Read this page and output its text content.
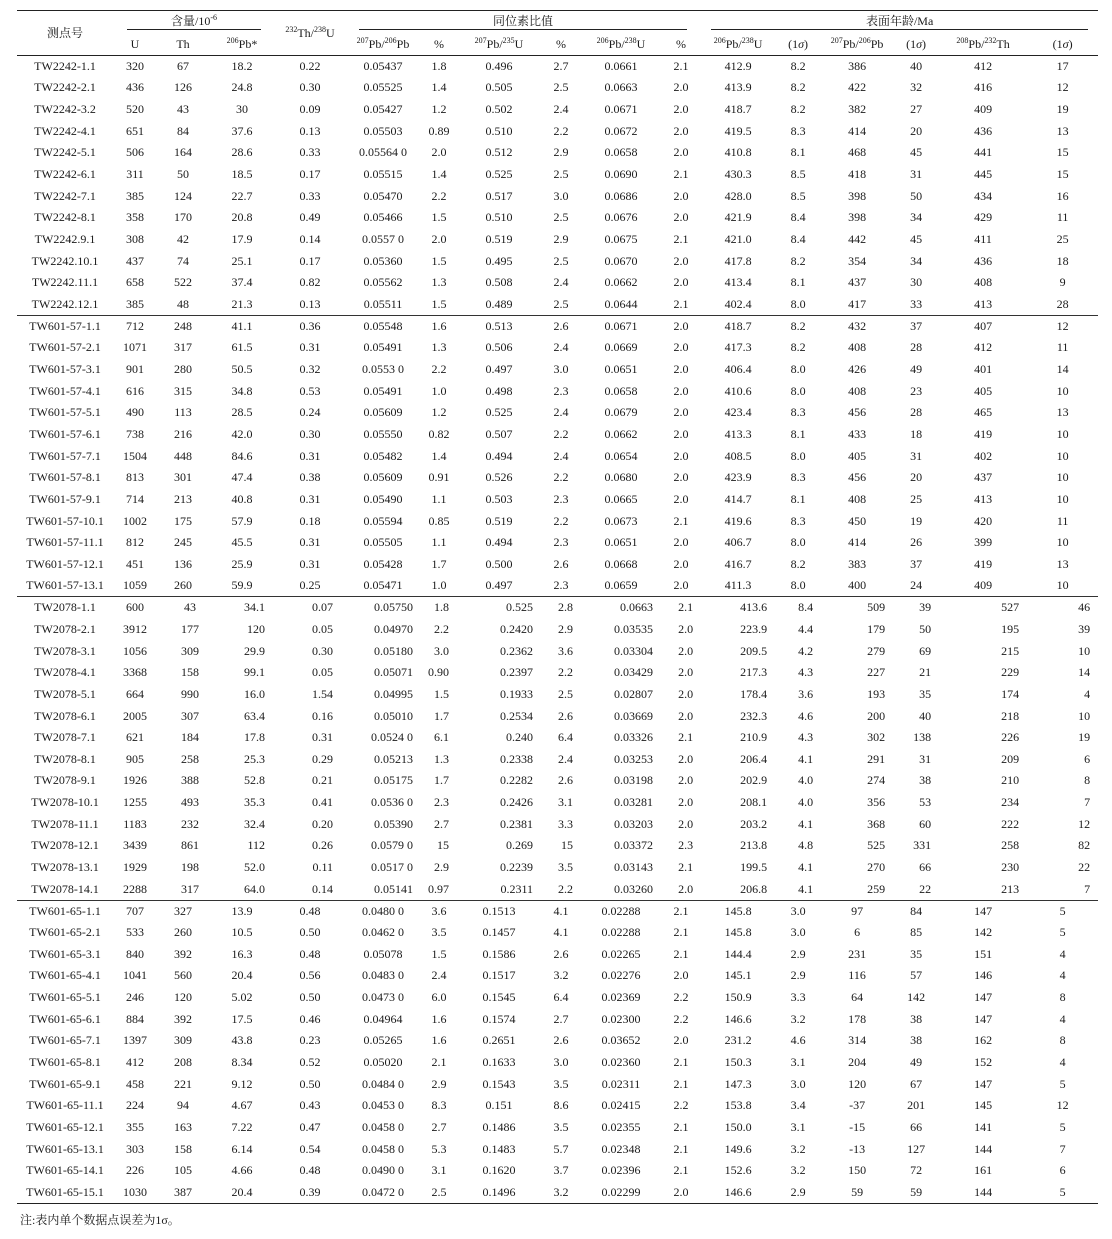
测点号	含量$/10^{-6}$			$^{232}$Th/$^{238}$U	同位素比值						表面年龄/Ma					

	U	Th	$^{206}$Pb*		$^{207}$Pb/$^{206}$Pb	%	$^{207}$Pb/$^{235}$U	%	$^{206}$Pb/$^{238}$U	%	$^{206}$Pb/$^{238}$U	(1σ)	$^{207}$Pb/$^{206}$Pb	(1σ)	$^{208}$Pb/$^{232}$Th	(1σ)
TW2242-1.1	320	67	18.2	0.22	0.05437	1.8	0.496	2.7	0.0661	2.1	412.9	8.2	386	40	412	17
TW2242-2.1	436	126	24.8	0.30	0.05525	1.4	0.505	2.5	0.0663	2.0	413.9	8.2	422	32	416	12
TW2242-3.2	520	43	30	0.09	0.05427	1.2	0.502	2.4	0.0671	2.0	418.7	8.2	382	27	409	19
TW2242-4.1	651	84	37.6	0.13	0.05503	0.89	0.510	2.2	0.0672	2.0	419.5	8.3	414	20	436	13
TW2242-5.1	506	164	28.6	0.33	0.05564 0	2.0	0.512	2.9	0.0658	2.0	410.8	8.1	468	45	441	15
TW2242-6.1	311	50	18.5	0.17	0.05515	1.4	0.525	2.5	0.0690	2.1	430.3	8.5	418	31	445	15
TW2242-7.1	385	124	22.7	0.33	0.05470	2.2	0.517	3.0	0.0686	2.0	428.0	8.5	398	50	434	16
TW2242-8.1	358	170	20.8	0.49	0.05466	1.5	0.510	2.5	0.0676	2.0	421.9	8.4	398	34	429	11
TW2242.9.1	308	42	17.9	0.14	0.0557 0	2.0	0.519	2.9	0.0675	2.1	421.0	8.4	442	45	411	25
TW2242.10.1	437	74	25.1	0.17	0.05360	1.5	0.495	2.5	0.0670	2.0	417.8	8.2	354	34	436	18
TW2242.11.1	658	522	37.4	0.82	0.05562	1.3	0.508	2.4	0.0662	2.0	413.4	8.1	437	30	408	9
TW2242.12.1	385	48	21.3	0.13	0.05511	1.5	0.489	2.5	0.0644	2.1	402.4	8.0	417	33	413	28
TW601-57-1.1	712	248	41.1	0.36	0.05548	1.6	0.513	2.6	0.0671	2.0	418.7	8.2	432	37	407	12
TW601-57-2.1	1071	317	61.5	0.31	0.05491	1.3	0.506	2.4	0.0669	2.0	417.3	8.2	408	28	412	11
TW601-57-3.1	901	280	50.5	0.32	0.0553 0	2.2	0.497	3.0	0.0651	2.0	406.4	8.0	426	49	401	14
TW601-57-4.1	616	315	34.8	0.53	0.05491	1.0	0.498	2.3	0.0658	2.0	410.6	8.0	408	23	405	10
TW601-57-5.1	490	113	28.5	0.24	0.05609	1.2	0.525	2.4	0.0679	2.0	423.4	8.3	456	28	465	13
TW601-57-6.1	738	216	42.0	0.30	0.05550	0.82	0.507	2.2	0.0662	2.0	413.3	8.1	433	18	419	10
TW601-57-7.1	1504	448	84.6	0.31	0.05482	1.4	0.494	2.4	0.0654	2.0	408.5	8.0	405	31	402	10
TW601-57-8.1	813	301	47.4	0.38	0.05609	0.91	0.526	2.2	0.0680	2.0	423.9	8.3	456	20	437	10
TW601-57-9.1	714	213	40.8	0.31	0.05490	1.1	0.503	2.3	0.0665	2.0	414.7	8.1	408	25	413	10
TW601-57-10.1	1002	175	57.9	0.18	0.05594	0.85	0.519	2.2	0.0673	2.1	419.6	8.3	450	19	420	11
TW601-57-11.1	812	245	45.5	0.31	0.05505	1.1	0.494	2.3	0.0651	2.0	406.7	8.0	414	26	399	10
TW601-57-12.1	451	136	25.9	0.31	0.05428	1.7	0.500	2.6	0.0668	2.0	416.7	8.2	383	37	419	13
TW601-57-13.1	1059	260	59.9	0.25	0.05471	1.0	0.497	2.3	0.0659	2.0	411.3	8.0	400	24	409	10
TW2078-1.1	600	43	34.1	0.07	0.05750	1.8	0.525	2.8	0.0663	2.1	413.6	8.4	509	39	527	46
TW2078-2.1	3912	177	120	0.05	0.04970	2.2	0.2420	2.9	0.03535	2.0	223.9	4.4	179	50	195	39
TW2078-3.1	1056	309	29.9	0.30	0.05180	3.0	0.2362	3.6	0.03304	2.0	209.5	4.2	279	69	215	10
TW2078-4.1	3368	158	99.1	0.05	0.05071	0.90	0.2397	2.2	0.03429	2.0	217.3	4.3	227	21	229	14
TW2078-5.1	664	990	16.0	1.54	0.04995	1.5	0.1933	2.5	0.02807	2.0	178.4	3.6	193	35	174	4
TW2078-6.1	2005	307	63.4	0.16	0.05010	1.7	0.2534	2.6	0.03669	2.0	232.3	4.6	200	40	218	10
TW2078-7.1	621	184	17.8	0.31	0.0524 0	6.1	0.240	6.4	0.03326	2.1	210.9	4.3	302	138	226	19
TW2078-8.1	905	258	25.3	0.29	0.05213	1.3	0.2338	2.4	0.03253	2.0	206.4	4.1	291	31	209	6
TW2078-9.1	1926	388	52.8	0.21	0.05175	1.7	0.2282	2.6	0.03198	2.0	202.9	4.0	274	38	210	8
TW2078-10.1	1255	493	35.3	0.41	0.0536 0	2.3	0.2426	3.1	0.03281	2.0	208.1	4.0	356	53	234	7
TW2078-11.1	1183	232	32.4	0.20	0.05390	2.7	0.2381	3.3	0.03203	2.0	203.2	4.1	368	60	222	12
TW2078-12.1	3439	861	112	0.26	0.0579 0	15	0.269	15	0.03372	2.3	213.8	4.8	525	331	258	82
TW2078-13.1	1929	198	52.0	0.11	0.0517 0	2.9	0.2239	3.5	0.03143	2.1	199.5	4.1	270	66	230	22
TW2078-14.1	2288	317	64.0	0.14	0.05141	0.97	0.2311	2.2	0.03260	2.0	206.8	4.1	259	22	213	7
TW601-65-1.1	707	327	13.9	0.48	0.0480 0	3.6	0.1513	4.1	0.02288	2.1	145.8	3.0	97	84	147	5
TW601-65-2.1	533	260	10.5	0.50	0.0462 0	3.5	0.1457	4.1	0.02288	2.1	145.8	3.0	6	85	142	5
TW601-65-3.1	840	392	16.3	0.48	0.05078	1.5	0.1586	2.6	0.02265	2.1	144.4	2.9	231	35	151	4
TW601-65-4.1	1041	560	20.4	0.56	0.0483 0	2.4	0.1517	3.2	0.02276	2.0	145.1	2.9	116	57	146	4
TW601-65-5.1	246	120	5.02	0.50	0.0473 0	6.0	0.1545	6.4	0.02369	2.2	150.9	3.3	64	142	147	8
TW601-65-6.1	884	392	17.5	0.46	0.04964	1.6	0.1574	2.7	0.02300	2.2	146.6	3.2	178	38	147	4
TW601-65-7.1	1397	309	43.8	0.23	0.05265	1.6	0.2651	2.6	0.03652	2.0	231.2	4.6	314	38	162	8
TW601-65-8.1	412	208	8.34	0.52	0.05020	2.1	0.1633	3.0	0.02360	2.1	150.3	3.1	204	49	152	4
TW601-65-9.1	458	221	9.12	0.50	0.0484 0	2.9	0.1543	3.5	0.02311	2.1	147.3	3.0	120	67	147	5
TW601-65-11.1	224	94	4.67	0.43	0.0453 0	8.3	0.151	8.6	0.02415	2.2	153.8	3.4	-37	201	145	12
TW601-65-12.1	355	163	7.22	0.47	0.0458 0	2.7	0.1486	3.5	0.02355	2.1	150.0	3.1	-15	66	141	5
TW601-65-13.1	303	158	6.14	0.54	0.0458 0	5.3	0.1483	5.7	0.02348	2.1	149.6	3.2	-13	127	144	7
TW601-65-14.1	226	105	4.66	0.48	0.0490 0	3.1	0.1620	3.7	0.02396	2.1	152.6	3.2	150	72	161	6
TW601-65-15.1	1030	387	20.4	0.39	0.0472 0	2.5	0.1496	3.2	0.02299	2.0	146.6	2.9	59	59	144	5
注:表内单个数据点误差为1σ。
